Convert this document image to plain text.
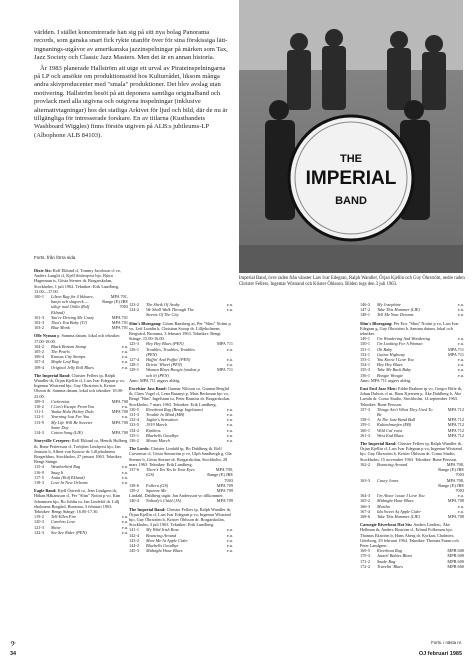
Forts. från förra sida
Dixie Six: Rolf Eklund cl, Tommy Jacobson cl vo, Anders Langlit cl, Kjell Söderqvist bjo, Björn Hagerman ts, Gösta Sterner dr. Borgarskolan, Stockholm, 1 juli 1962. Tekniker: Erik Lundberg, 13.00—17.00.
100-1	Lilsen Rag för 4 blåsare, banjo och slagverk — stilig- nad Orkla (Rolf Eklund)	MPA 701, Range (E) JRE 7003
101-3	You're Driving Me Crazy	MPA 701
102-3	That's You Baby (TJ)	MPA 701
103-2	Blue Monk	MPA 701
Olle Nyman p. Samma datum, lokal och tekniker. 17.00-18.00.
104-2	Black Bottom Stomp	e.u.
105-2	The Pearls	e.u.
106-4	Kansas City Stomps	e.u.
107-4	Maple Leaf Rag	e.u.
108-4	Original Jelly Roll Blues	e.u.
The Imperial Band: Christer Fellers tp, Ralph Wandler tb, Örjan Kjellin cl, Lars Ivar Edegran p vo, Ingemar Wistrand bjo, Guy Ohrström b, Krister Olsson dr. Samma datum, lokal och tekniker. 18.00-23.00.
109-3	Creboritas	MPA 700
110-2	I Can't Escape From You	e.u.
111-1	Yaaka Hula Hickey Dula	MPA 700
112-1	Yearning Just For You	e.u.
113-9	My Life Will Be Sweeter Some Day	MPA 700
114-3	Cotton Song (LIE)	MPA 700
Storyville Creepers: Rolf Eklund co, Henrik Hulberg tb, Rune Pettersson cl, Torbjörn Lindqvist bjo, Jan Jansson b, Albert von Konow dr. Lilljeholmens Borgerkhus, Stockholm, 27 januari 1963. Tekniker: Bengt Stänge.
115-4	Weatherbird Rag	e.u.
116-9	Snag It	e.u.
117-5	Anita (Rolf Eklund)	e.u.
118-3	Love In New Orleans	e.u.
Eagle Band: Kjell Östredt co, Jens Lindgren tb, Håkan Håkansson cl, Per "Slim" Notini p vo, Kim Johannsen bjo, Bo Juhlin tu, Jan Lindelöf dr. Lillj eholmens Borgård, Bromma, 3 februari 1963. Tekniker: Bengt Stänge. 16.00-17.30.
119-2	Tell-Ellen Fire	e.u.
120-3	Careless Love	e.u.
121-3	Shine	e.u.
122-3	See See Rider (PEN)	e.u.

världen. I stället koncentrerade han sig på sitt nya bolag Panorama records, som ganska snart fick rykte utanför över för sina förskissiga lätt-ingnanings-utgåvor av amerikanska jazzinspelningar på märken som Tax, Jazz Society och Classic Jazz Masters. Men det är en annan historia.

År 1983 planerade Hallström att utge ett urval av Pirateinspelningarna på LP och ansökte om produktionsstöd hos Kulturrådet, liksom många andra skivproducenter med "smala" produktioner. Det blev avslag utan motivering. Hallström besöt på att deponera samtliga originalband och provlack med alla utgivna och outgivna inspelningar (inklusive alternativtagningar) hos det statliga Arkivet för ljud och bild, där de nu är tillgängliga för intresserade forskare. En av titlarna (Kustbandets Washboard Wiggles) finns förstös utgiven på ALB:s jubileums-LP (Albophone ALB 84103).

123-2	The Sheik Of Araby	e.u.
124-2	We Shall Walk Through The Streets Of The City	e.u.
Slim's Bluesgang: Göran Ramberg as, Per "Slim" Notini p vo, Leif Lundin b, Christian Sooop dr. Lilljeholmens Bergvärd, Bromma, 3 februari 1963. Tekniker: Bengt Stänge. 15.00-16.00.
125-3	Hey Hey Blues (PEN)	MPA 711
126-1	Troubles, Troubles, Troubles (PEN)	e.u.
127-4	Huffin' And Puffin' (PEN)	e.u.
128-1	Drivin' Wheel (PEN)	e.u.
129-1	Woman Blues Boogie (ondast p och b) (PEN)	MPA 711
Anm: MPA 711 utgavs aldrig.
Excelsior Jass Band: Gunnar Nilsson co, Gunnar Berglid tb, Claes Vogel cl, Lena Baranyi p, Mats Beckman bjo vo, Bengt "Bim" Ingelstam tu, Peter Brunius dr. Borgarskolan, Stockholm, 7 mars 1963. Tekniker: Erik Lundberg.
130-5	Riverboat Rag (Bengt Ingelstam)	e.u.
131-3	Trouble In Mind (MB)	e.u.
132-4	Juglar's Sensation	e.u.
133-5	1919 March	e.u.
134-2	Kinkless	e.u.
135-1	Bluebells Goodbye	e.u.
136-2	Moose March	e.u.
The Lords: Christer Lindahl tp, Bo Dahlberg tb, Rolf Carvenius cl, Gösta Stenström p vo, Ulph Sandbergh g, Ola Sterner b, Gösta Sterner dr. Borgarskolan, Stockholm, 28 mars 1963. Tekniker: Erik Lundberg.
137-6	There's Yes Yes In Your Eyes (GS)	MPA 709, Range (E) JRE 7003
138-6	Fallera (GS)	MPA 709
139-2	Squeeze Me	MPA 709
Lindahl, Dahlberg utgår. Jan Andersson vo tillkommer.
140-4	Nobody's Child (JA)	MPA 709
The Imperial Band: Christer Fellers tp, Ralph Wandler tb, Örjan Kjellin cl, Lars Ivar Edegran p vo, Ingemar Wistrand bjo, Guy Öhrström b, Krister Öhlsson dr. Borgarskolan, Stockholm, 3 juli 1963. Tekniker: Erik Lundberg.
141-1	My Wild Irish Rose	e.u.
142-4	Bouncing Around	e.u.
143-2	Meet Me At Apple Cider	e.u.
144-2	Bluebells Goodbye	e.u.
145-3	Midnight Hour Blues	e.u.
THE
IMPERIAL
BAND
Imperial Band, övre raden från vänster Lars Ivar Edegran, Ralph Wandler, Örjan Kjellin och Guy Öhrström, nedre raden Christer Fellers, Ingemar Wistrand och Krister Öhlsson. Bilden togs den 3 juli 1963.
146-3	My Josephine	e.u.
147-2	Take This Hammer (LIE)	e.u.
148-1	Tell Me Your Dreams	e.u.
Slim's Bluesgang: Per Eric "Slim" Notini p vo, Lars Ivar Edegran g, Guy Öhrström b. Samma datum, lokal och tekniker.
149-1	I'm Wondering And Wondering	e.u.
150-1	I'm Looking For A Woman	e.u.
151-1	Oh Baby	MPA 711
152-1	Guitar Highway	MPA 711
153-1	You Know I Love You	e.u.
154-1	Hey Hey Blues	e.u.
155-3	Take Me Back Baby	e.u.
156-1	Boogie Woogie	e.u.
Anm: MPA 711 utgavs aldrig.
East End Jazz Men: Eddie Brahner tp vo, Gregor Rifie tb, Johan Dubois cl as, Hans Kjerrsen p, Åke Dahlberg b, Åke Larsdn dr. Como Studio, Stockholm, 14 september 1963. Tekniker: Rune Persson.
157-3	Things Ain't What They Used To Be	MPA 712
158-1	At The Jazz Band Ball	MPA 712
159-1	Kaltenbrunfen (EB)	MPA 712
160-1	Wild Cat' twist	MPA 712
161-3	West End Blues	MPA 712
The Imperial Band: Christer Fellers tp, Ralph Wandler tb, Örjan Kjellin cl, Lars Ivar Edegran p vo, Ingemar Wistrand bjo, Guy Öhrström b, Krister Öhlsson dr. Como Studio, Stockholm, 15 november 1963. Tekniker: Rune Persson.
162-2	Bouncing Around	MPA 708, Range (E) JRE 7003
163-3	Casey Jones	MPA 708, Range (E) JRE 7003
164-3	I'm Alone 'cause I Love You	e.u.
165-2	Midnight Hour Blues	MPA 708
166-3	Martha	e.u.
167-4	Ida Sweet As Apple Cider	e.u.
168-6	Take This Hammer (LIE)	MPA 708
Carnegie Riverboat Hot Six: Anders Lindeso, Åke Hellman tb, Anders Ekström cl, Erland Folkessen bjo, Thomas Ekström b, Hans Åberg dr. Kyrkan, Chalmers, Göteborg, 29 februari 1964. Tekniker: Thomas Fraun och Peter Landgren.
169-5	Riverboat Rag	MPB 600
170-3	Jazzin' Babies Blues	MPB 600
171-2	Snake Rag	MPB 600
172-2	Travelin' Blues	MPB 600
Forts. i nästa nr.
𝄢
34	OJ februari 1985
